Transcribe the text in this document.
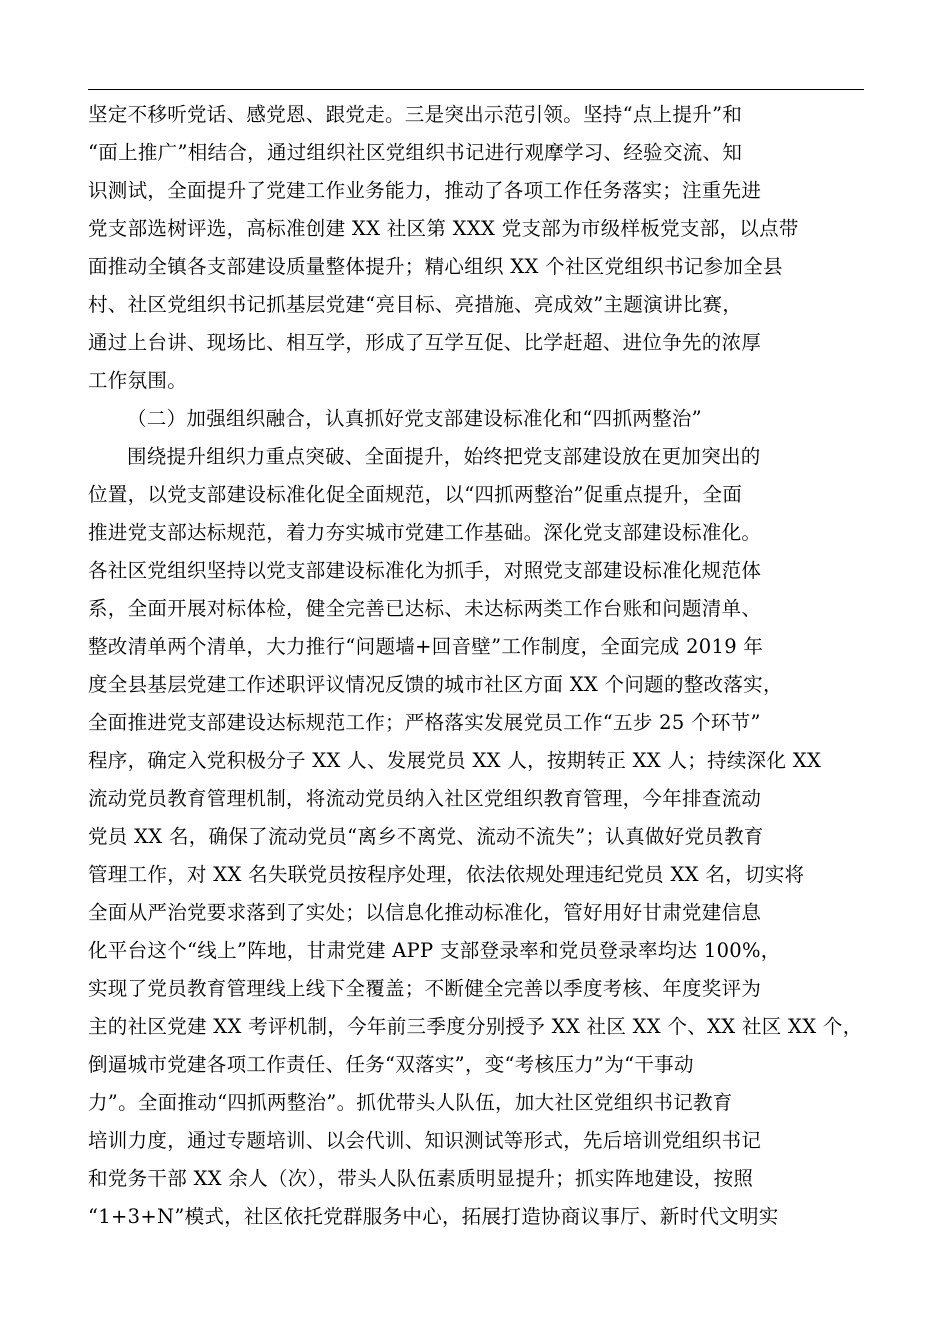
坚定不移听党话、感党恩、跟党走。三是突出示范引领。坚持“点上提升”和
“面上推广”相结合，通过组织社区党组织书记进行观摩学习、经验交流、知
识测试，全面提升了党建工作业务能力，推动了各项工作任务落实；注重先进
党支部选树评选，高标准创建 XX 社区第 XXX 党支部为市级样板党支部，以点带
面推动全镇各支部建设质量整体提升；精心组织 XX 个社区党组织书记参加全县
村、社区党组织书记抓基层党建“亮目标、亮措施、亮成效”主题演讲比赛，
通过上台讲、现场比、相互学，形成了互学互促、比学赶超、进位争先的浓厚
工作氛围。
（二）加强组织融合，认真抓好党支部建设标准化和“四抓两整治”
围绕提升组织力重点突破、全面提升，始终把党支部建设放在更加突出的
位置，以党支部建设标准化促全面规范，以“四抓两整治”促重点提升，全面
推进党支部达标规范，着力夯实城市党建工作基础。深化党支部建设标准化。
各社区党组织坚持以党支部建设标准化为抓手，对照党支部建设标准化规范体
系，全面开展对标体检，健全完善已达标、未达标两类工作台账和问题清单、
整改清单两个清单，大力推行“问题墙+回音壁”工作制度，全面完成 2019 年
度全县基层党建工作述职评议情况反馈的城市社区方面 XX 个问题的整改落实，
全面推进党支部建设达标规范工作；严格落实发展党员工作“五步 25 个环节”
程序，确定入党积极分子 XX 人、发展党员 XX 人，按期转正 XX 人；持续深化 XX
流动党员教育管理机制，将流动党员纳入社区党组织教育管理，今年排查流动
党员 XX 名，确保了流动党员“离乡不离党、流动不流失”；认真做好党员教育
管理工作，对 XX 名失联党员按程序处理，依法依规处理违纪党员 XX 名，切实将
全面从严治党要求落到了实处；以信息化推动标准化，管好用好甘肃党建信息
化平台这个“线上”阵地，甘肃党建 APP 支部登录率和党员登录率均达 100%，
实现了党员教育管理线上线下全覆盖；不断健全完善以季度考核、年度奖评为
主的社区党建 XX 考评机制，今年前三季度分别授予 XX 社区 XX 个、XX 社区 XX 个，
倒逼城市党建各项工作责任、任务“双落实”，变“考核压力”为“干事动
力”。全面推动“四抓两整治”。抓优带头人队伍，加大社区党组织书记教育
培训力度，通过专题培训、以会代训、知识测试等形式，先后培训党组织书记
和党务干部 XX 余人（次），带头人队伍素质明显提升；抓实阵地建设，按照
“1+3+N”模式，社区依托党群服务中心，拓展打造协商议事厅、新时代文明实
